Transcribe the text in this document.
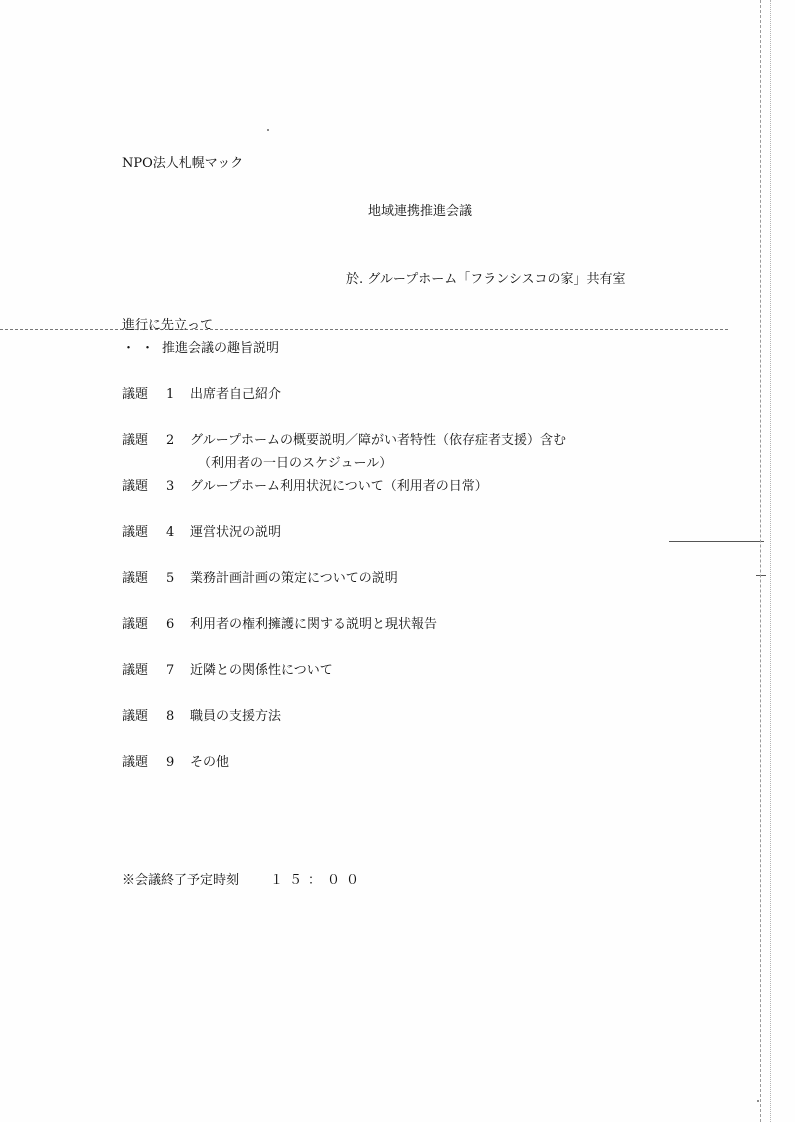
NPO法人札幌マック
地域連携推進会議
於. グループホーム「フランシスコの家」共有室
進行に先立って
・・ 推進会議の趣旨説明
議題 1 出席者自己紹介
議題 2 グループホームの概要説明／障がい者特性（依存症者支援）含む
（利用者の一日のスケジュール）
議題 3 グループホーム利用状況について（利用者の日常）
議題 4 運営状況の説明
議題 5 業務計画計画の策定についての説明
議題 6 利用者の権利擁護に関する説明と現状報告
議題 7 近隣との関係性について
議題 8 職員の支援方法
議題 9 その他
※会議終了予定時刻 １５：００
